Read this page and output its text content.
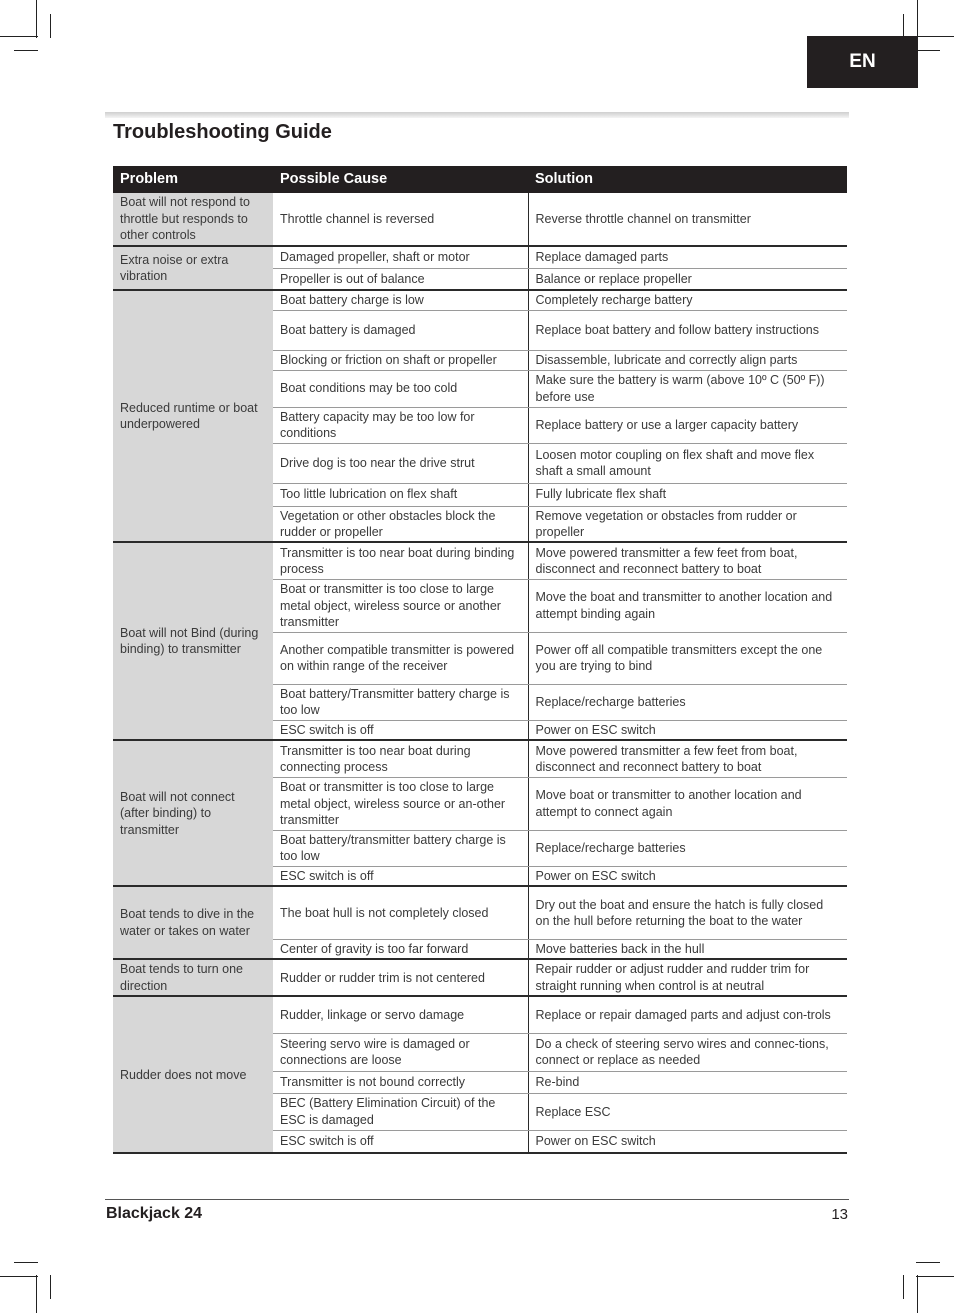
EN
Troubleshooting Guide
Problem	Possible Cause	Solution
Boat will not respond to throttle but responds to other controls	Throttle channel is reversed	Reverse throttle channel on transmitter
Extra noise or extra vibration	Damaged propeller, shaft or motor	Replace damaged parts
	Propeller is out of balance	Balance or replace propeller
Reduced runtime or boat underpowered	Boat battery charge is low	Completely recharge battery
	Boat battery is damaged	Replace boat battery and follow battery instructions
	Blocking or friction on shaft or propeller	Disassemble, lubricate and correctly align parts
	Boat conditions may be too cold	Make sure the battery is warm (above 10º C (50º F)) before use
	Battery capacity may be too low for conditions	Replace battery or use a larger capacity battery
	Drive dog is too near the drive strut	Loosen motor coupling on flex shaft and move flex shaft a small amount
	Too little lubrication on flex shaft	Fully lubricate flex shaft
	Vegetation or other obstacles block the rudder or propeller	Remove vegetation or obstacles from rudder or propeller
Boat will not Bind (during binding) to transmitter	Transmitter is too near boat during binding process	Move powered transmitter a few feet from boat, disconnect and reconnect battery to boat
	Boat or transmitter is too close to large metal object, wireless source or another transmitter	Move the boat and transmitter to another location and attempt binding again
	Another compatible transmitter is powered on within range of the receiver	Power off all compatible transmitters except the one you are trying to bind
	Boat battery/Transmitter battery charge is too low	Replace/recharge batteries
	ESC switch is off	Power on ESC switch
Boat will not connect (after binding) to transmitter	Transmitter is too near boat during connecting process	Move powered transmitter a few feet from boat, disconnect and reconnect battery to boat
	Boat or transmitter is too close to large metal object, wireless source or an-other transmitter	Move boat or transmitter to another location and attempt to connect again
	Boat battery/transmitter battery charge is too low	Replace/recharge batteries
	ESC switch is off	Power on ESC switch
Boat tends to dive in the water or takes on water	The boat hull is not completely closed	Dry out the boat and ensure the hatch is fully closed on the hull before returning the boat to the water
	Center of gravity is too far forward	Move batteries back in the hull
Boat tends to turn one direction	Rudder or rudder trim is not centered	Repair rudder or adjust rudder and rudder trim for straight running when control is at neutral
Rudder does not move	Rudder, linkage or servo damage	Replace or repair damaged parts and adjust con-trols
	Steering servo wire is damaged or connections are loose	Do a check of steering servo wires and connec-tions, connect or replace as needed
	Transmitter is not bound correctly	Re-bind
	BEC (Battery Elimination Circuit) of the ESC is damaged	Replace ESC
	ESC switch is off	Power on ESC switch
Blackjack 24	13
